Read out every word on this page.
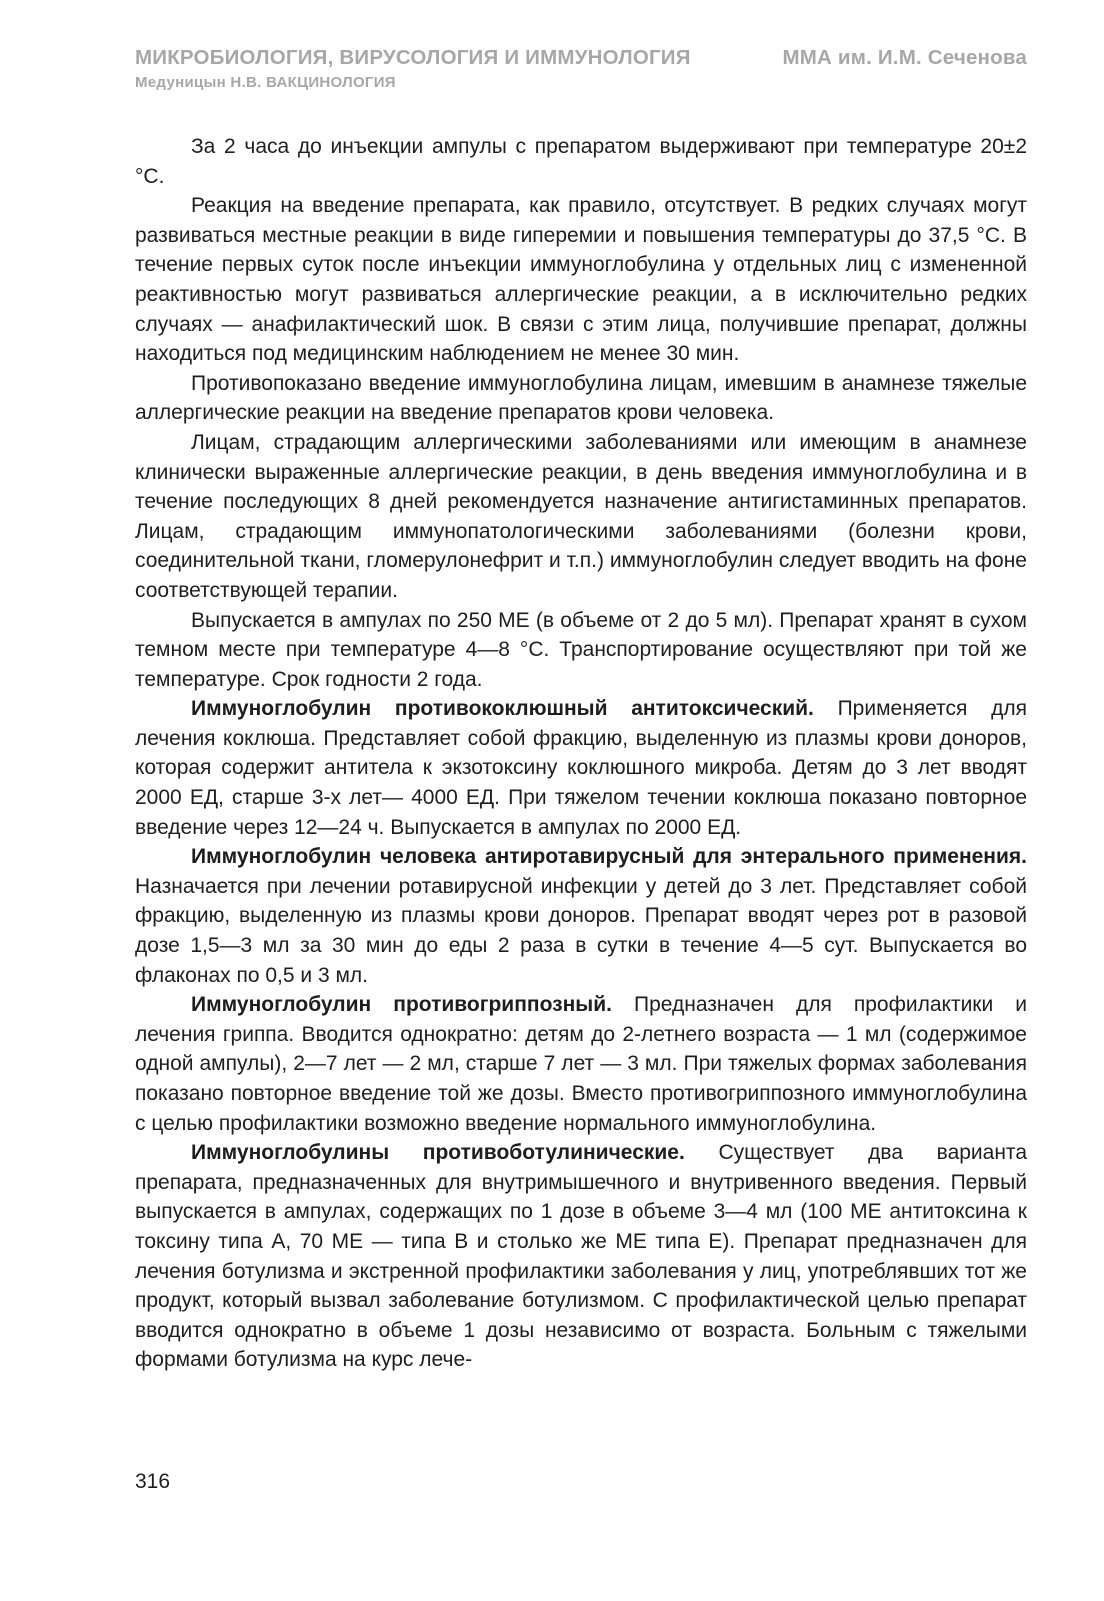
МИКРОБИОЛОГИЯ, ВИРУСОЛОГИЯ И ИММУНОЛОГИЯ	ММА им. И.М. Сеченова
Медуницын Н.В. ВАКЦИНОЛОГИЯ

За 2 часа до инъекции ампулы с препаратом выдерживают при температуре 20±2 °С.

Реакция на введение препарата, как правило, отсутствует. В редких случаях могут развиваться местные реакции в виде гиперемии и повышения температуры до 37,5 °С. В течение первых суток после инъекции иммуноглобулина у отдельных лиц с измененной реактивностью могут развиваться аллергические реакции, а в исключительно редких случаях — анафилактический шок. В связи с этим лица, получившие препарат, должны находиться под медицинским наблюдением не менее 30 мин.

Противопоказано введение иммуноглобулина лицам, имевшим в анамнезе тяжелые аллергические реакции на введение препаратов крови человека.

Лицам, страдающим аллергическими заболеваниями или имеющим в анамнезе клинически выраженные аллергические реакции, в день введения иммуноглобулина и в течение последующих 8 дней рекомендуется назначение антигистаминных препаратов. Лицам, страдающим иммунопатологическими заболеваниями (болезни крови, соединительной ткани, гломерулонефрит и т.п.) иммуноглобулин следует вводить на фоне соответствующей терапии.

Выпускается в ампулах по 250 МЕ (в объеме от 2 до 5 мл). Препарат хранят в сухом темном месте при температуре 4—8 °С. Транспортирование осуществляют при той же температуре. Срок годности 2 года.

Иммуноглобулин противококлюшный антитоксический. Применяется для лечения коклюша. Представляет собой фракцию, выделенную из плазмы крови доноров, которая содержит антитела к экзотоксину коклюшного микроба. Детям до 3 лет вводят 2000 ЕД, старше 3-х лет— 4000 ЕД. При тяжелом течении коклюша показано повторное введение через 12—24 ч. Выпускается в ампулах по 2000 ЕД.

Иммуноглобулин человека антиротавирусный для энтерального применения. Назначается при лечении ротавирусной инфекции у детей до 3 лет. Представляет собой фракцию, выделенную из плазмы крови доноров. Препарат вводят через рот в разовой дозе 1,5—3 мл за 30 мин до еды 2 раза в сутки в течение 4—5 сут. Выпускается во флаконах по 0,5 и 3 мл.

Иммуноглобулин противогриппозный. Предназначен для профилактики и лечения гриппа. Вводится однократно: детям до 2-летнего возраста — 1 мл (содержимое одной ампулы), 2—7 лет — 2 мл, старше 7 лет — 3 мл. При тяжелых формах заболевания показано повторное введение той же дозы. Вместо противогриппозного иммуноглобулина с целью профилактики возможно введение нормального иммуноглобулина.

Иммуноглобулины противоботулинические. Существует два варианта препарата, предназначенных для внутримышечного и внутривенного введения. Первый выпускается в ампулах, содержащих по 1 дозе в объеме 3—4 мл (100 МЕ антитоксина к токсину типа А, 70 МЕ — типа В и столько же МЕ типа Е). Препарат предназначен для лечения ботулизма и экстренной профилактики заболевания у лиц, употреблявших тот же продукт, который вызвал заболевание ботулизмом. С профилактической целью препарат вводится однократно в объеме 1 дозы независимо от возраста. Больным с тяжелыми формами ботулизма на курс лече-

316
